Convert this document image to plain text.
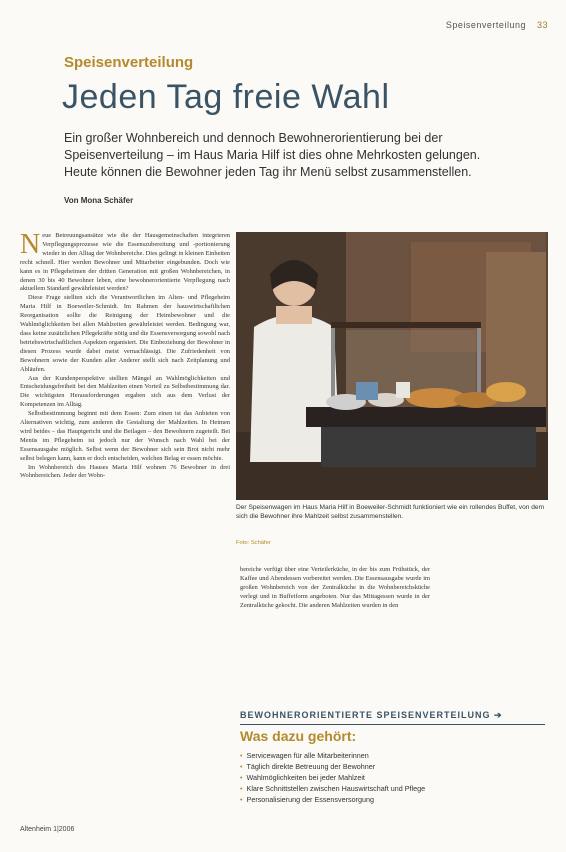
Speisenverteilung 33
Speisenverteilung
Jeden Tag freie Wahl
Ein großer Wohnbereich und dennoch Bewohnerorientierung bei der Speisenverteilung – im Haus Maria Hilf ist dies ohne Mehrkosten gelungen. Heute können die Bewohner jeden Tag ihr Menü selbst zusammenstellen.
Von Mona Schäfer

Neue Betreuungsansätze wie die der Hausgemeinschaften integrieren Verpflegungsprozesse wie die Essenszubereitung und -portionierung wieder in den Alltag der Wohnbereiche. Dies gelingt in kleinen Einheiten recht schnell. Hier werden Bewohner und Mitarbeiter eingebunden. Doch wie kann es in Pflegeheimen der dritten Generation mit großen Wohnbereichen, in denen 30 bis 40 Bewohner leben, eine bewohnerorientierte Verpflegung nach aktuellem Standard gewährleistet werden?

Diese Frage stellten sich die Verantwortlichen im Alten- und Pflegeheim Maria Hilf in Boeweiler-Schmidt. Im Rahmen der hauswirtschaftlichen Reorganisation sollte die Reinigung der Heimbewohner und die Wahlmöglichkeiten bei allen Mahlzeiten gewährleistet werden. Bedingung war, dass keine zusätzlichen Pflegekräfte nötig und die Essensversorgung sowohl nach betriebswirtschaftlichen Aspekten organisiert. Die Einbeziehung der Bewohner in diesen Prozess wurde dabei meist vernachlässigt. Die Zufriedenheit von Bewohnern sowie der Kunden aller Anderer stellt sich nach Zeitplanung und Abläufen.

Aus der Kundenperspektive stellten Mängel an Wahlmöglichkeiten und Entscheidungsfreiheit bei den Mahlzeiten einen Vorteil zu Selbstbestimmung dar. Die wichtigsten Herausforderungen ergaben sich aus dem Verlust der Kompetenzen im Alltag.

Selbstbestimmung beginnt mit dem Essen: Zum einen ist das Anbieten von Alternativen wichtig, zum anderen die Gestaltung der Mahlzeiten. In Heimen wird beides – das Hauptgericht und die Beilagen – den Bewohnern zugeteilt. Bei Menüs im Pflegeheim ist jedoch nur der Wunsch nach Wahl bei der Essensausgabe möglich. Selbst wenn der Bewohner sich sein Brot nicht mehr selbst belegen kann, kann er doch entscheiden, welchen Belag er essen möchte.

Im Wohnbereich des Hauses Maria Hilf wohnen 76 Bewohner in drei Wohnbereichen. Jeder der Wohn-

Der Speisenwagen im Haus Maria Hilf in Boeweiler-Schmidt funktioniert wie ein rollendes Buffet, von dem sich die Bewohner ihre Mahlzeit selbst zusammenstellen.
Foto: Schäfer

bereiche verfügt über eine Verteilerküche, in der bis zum Frühstück, der Kaffee und Abendessen vorbereitet werden. Die Essensausgabe wurde im großen Wohnbereich von der Zentralküche in die Wohnbereichsküche verlegt und in Buffetform angeboten. Nur das Mittagessen wurde in der Zentralküche gekocht. Die anderen Mahlzeiten wurden in den

BEWOHNERORIENTIERTE SPEISENVERTEILUNG ➔
Was dazu gehört:
• Servicewagen für alle Mitarbeiterinnen
• Täglich direkte Betreuung der Bewohner
• Wahlmöglichkeiten bei jeder Mahlzeit
• Klare Schnittstellen zwischen Hauswirtschaft und Pflege
• Personalisierung der Essensversorgung
Altenheim 1|2006
